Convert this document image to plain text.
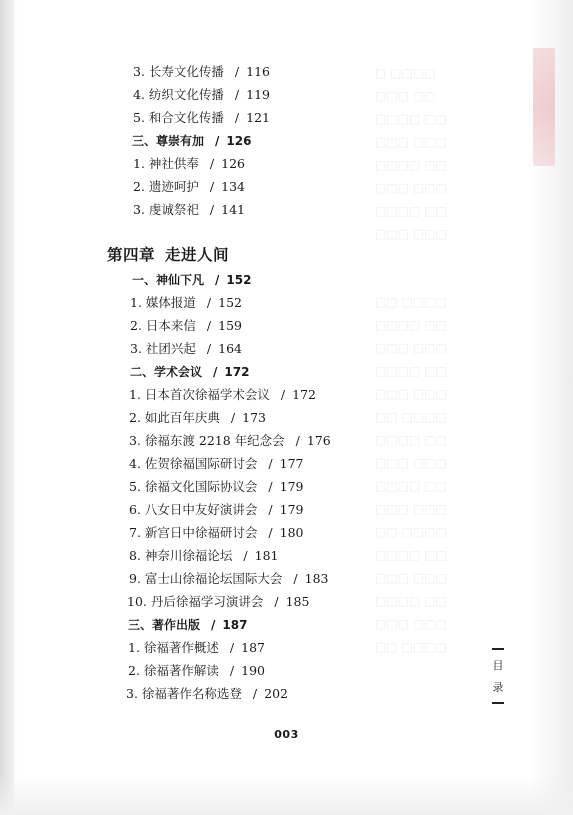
□ □□□□
□□□ □□
□□□□ □□
□□□ □□□
□□□□ □□
□□□ □□□
□□□□ □□
□□□ □□□
□□ □□□□
□□□□ □□
□□□ □□□
□□□□ □□
□□□ □□□
□□ □□□□
□□□□ □□
□□□ □□□
□□□□ □□
□□□ □□□
□□ □□□□
□□□□ □□
□□□ □□□
□□□□ □□
□□□ □□□
□□ □□□□
3. 长寿文化传播 / 116
4. 纺织文化传播 / 119
5. 和合文化传播 / 121
三、尊崇有加 / 126
1. 神社供奉 / 126
2. 遗迹呵护 / 134
3. 虔诚祭祀 / 141
第四章 走进人间
一、神仙下凡 / 152
1. 媒体报道 / 152
2. 日本来信 / 159
3. 社团兴起 / 164
二、学术会议 / 172
1. 日本首次徐福学术会议 / 172
2. 如此百年庆典 / 173
3. 徐福东渡 2218 年纪念会 / 176
4. 佐贺徐福国际研讨会 / 177
5. 徐福文化国际协议会 / 179
6. 八女日中友好演讲会 / 179
7. 新宫日中徐福研讨会 / 180
8. 神奈川徐福论坛 / 181
9. 富士山徐福论坛国际大会 / 183
10. 丹后徐福学习演讲会 / 185
三、著作出版 / 187
1. 徐福著作概述 / 187
2. 徐福著作解读 / 190
3. 徐福著作名称选登 / 202
目
录
003
